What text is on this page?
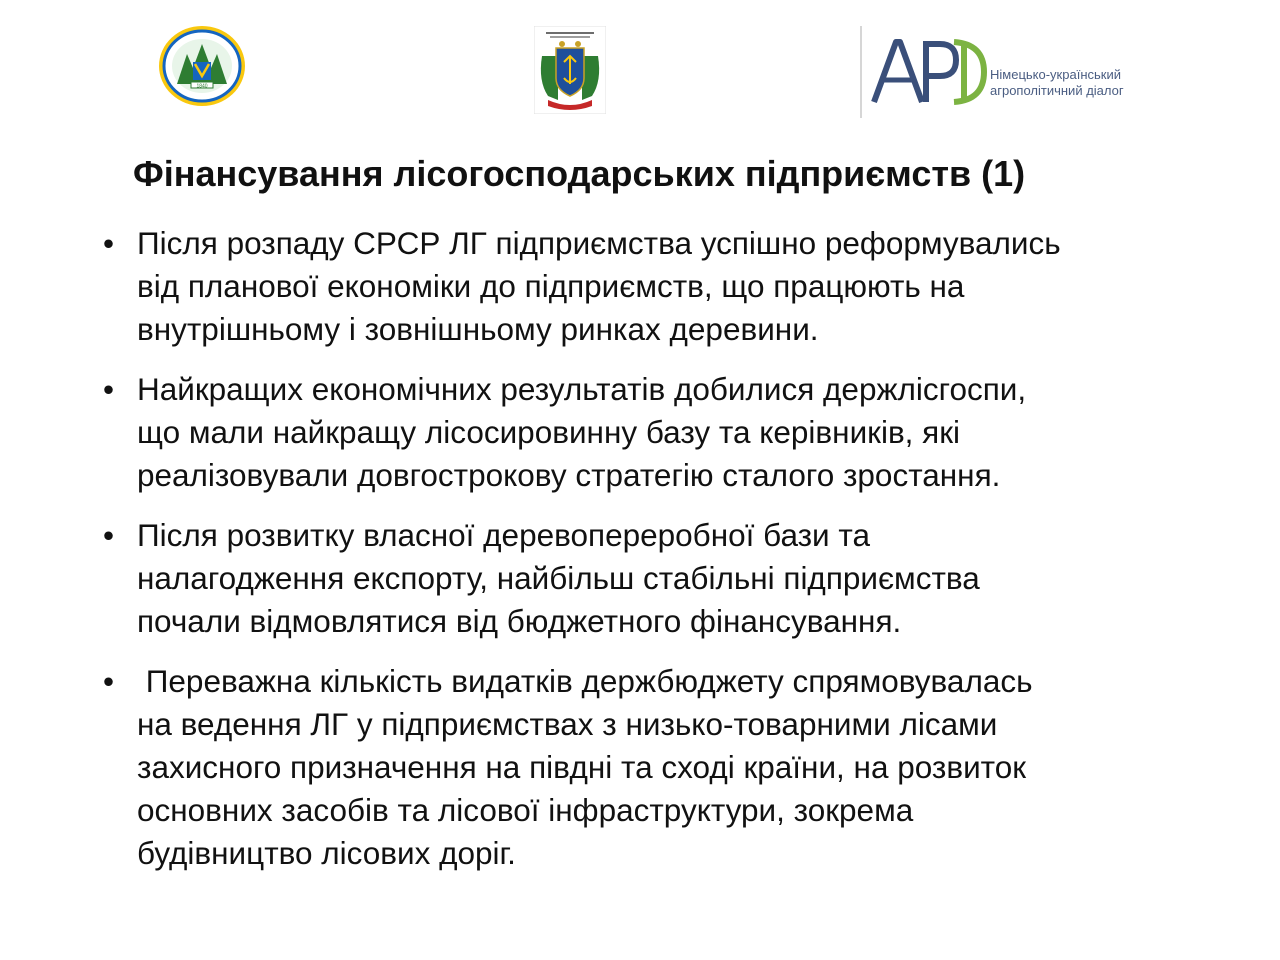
1840
Німецько-український
агрополітичний діалог
Фінансування лісогосподарських підприємств (1)
• Після розпаду СРСР ЛГ підприємства успішно реформувались
від планової економіки до підприємств, що працюють на
внутрішньому і зовнішньому ринках деревини.
• Найкращих економічних результатів добилися держлісгоспи,
що мали найкращу лісосировинну базу та керівників, які
реалізовували довгострокову стратегію сталого зростання.
• Після розвитку власної деревопереробної бази та
налагодження експорту, найбільш стабільні підприємства
почали відмовлятися від бюджетного фінансування.
• Переважна кількість видатків держбюджету спрямовувалась
на ведення ЛГ у підприємствах з низько-товарними лісами
захисного призначення на півдні та сході країни, на розвиток
основних засобів та лісової інфраструктури, зокрема
будівництво лісових доріг.
